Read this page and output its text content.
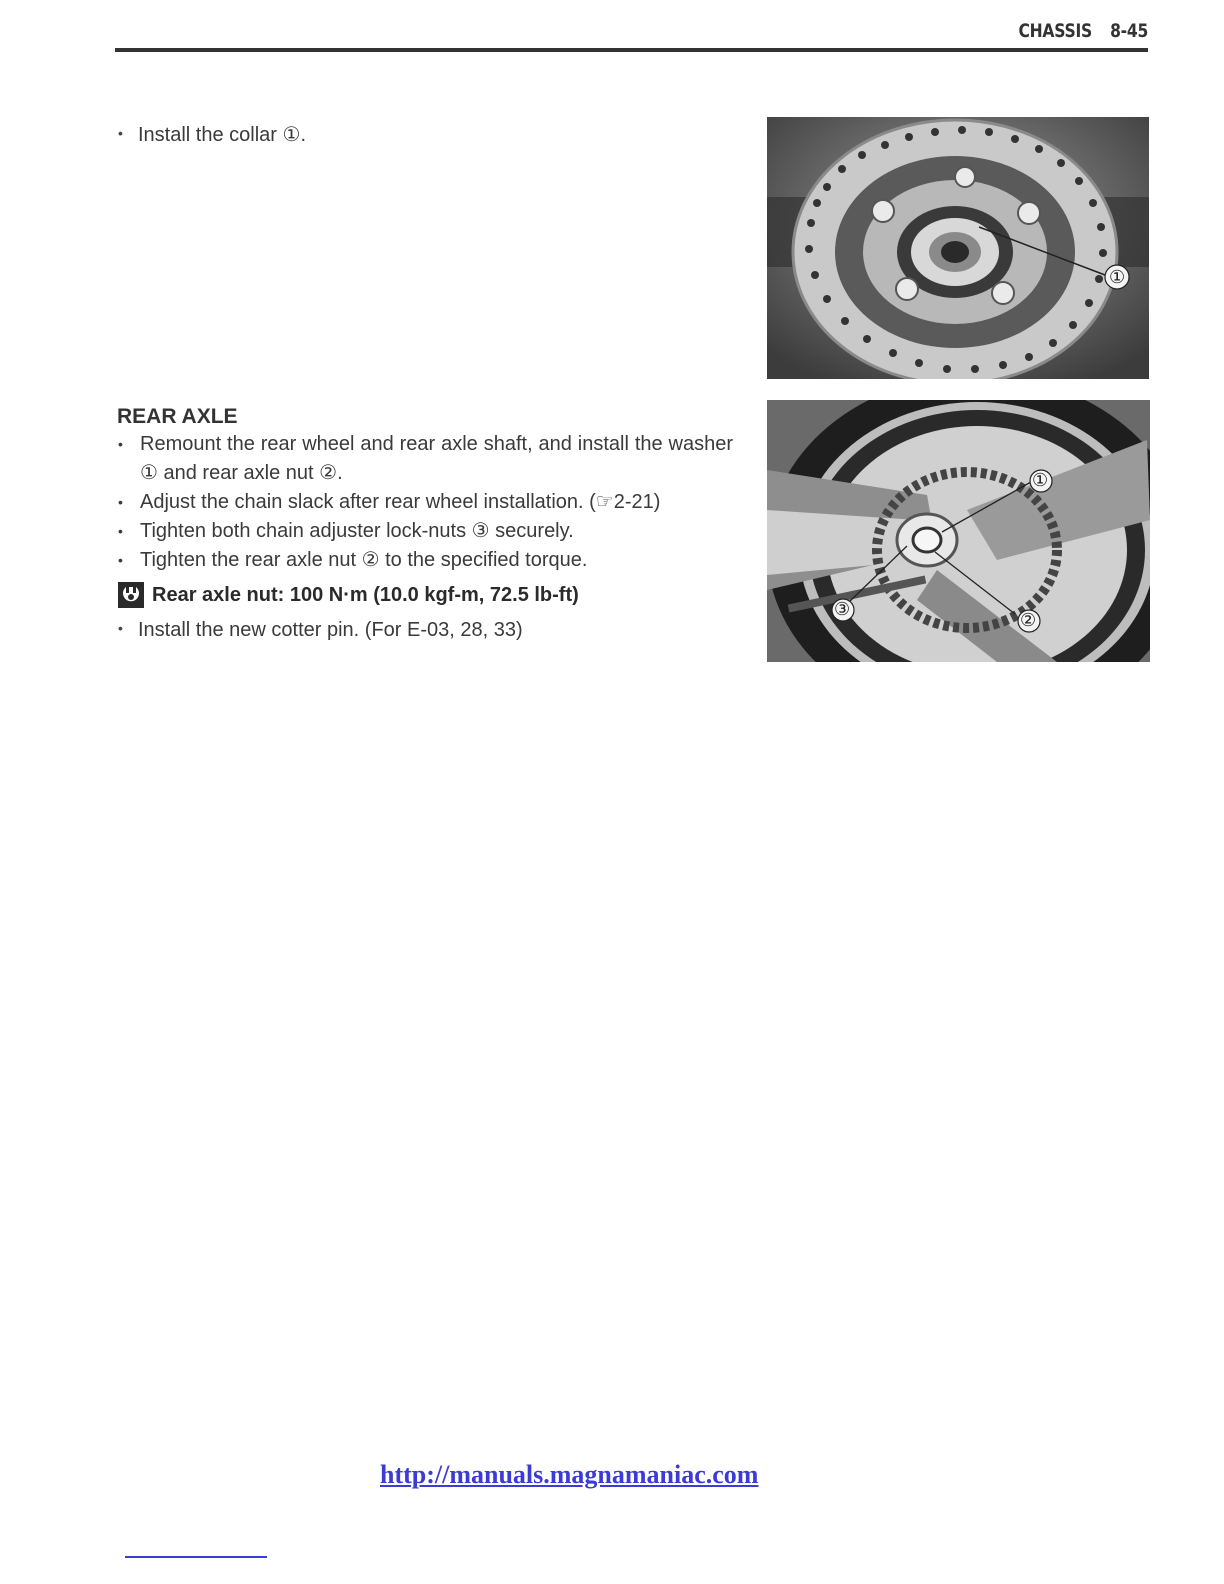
CHASSIS 8-45
• Install the collar ①.
①
REAR AXLE
• Remount the rear wheel and rear axle shaft, and install the washer ① and rear axle nut ②.
• Adjust the chain slack after rear wheel installation. (☞2-21)
• Tighten both chain adjuster lock-nuts ③ securely.
• Tighten the rear axle nut ② to the specified torque.
Rear axle nut: 100 N·m (10.0 kgf-m, 72.5 lb-ft)
• Install the new cotter pin. (For E-03, 28, 33)
①
②
③
http://manuals.magnamaniac.com
